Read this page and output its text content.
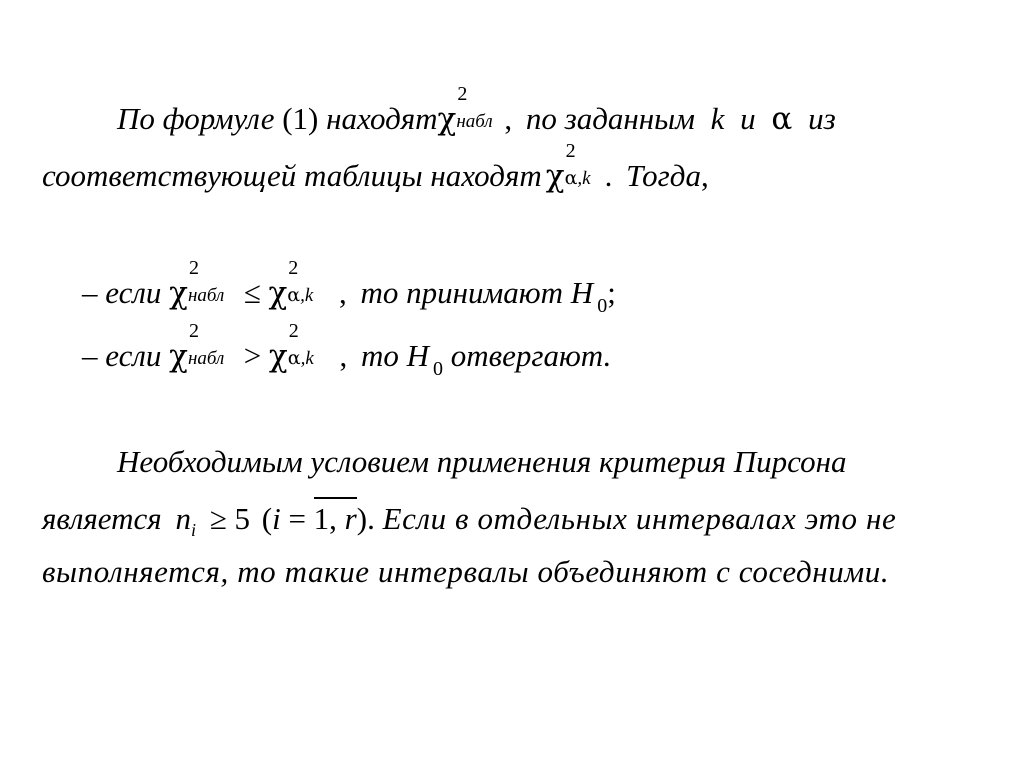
По формуле (1) находятχ
2
набл , по заданным k и α из
соответствующей таблицы находят χ
2
α,k . Тогда,
– если χ
2
набл ≤ χ
2
α,k , то принимают H 0;
– если χ
2
набл > χ
2
α,k , то H 0 отвергают.
Необходимым условием применения критерия Пирсона
является ni ≥ 5 (i = 1, r). Если в отдельных интервалах это не
выполняется, то такие интервалы объединяют с соседними.
